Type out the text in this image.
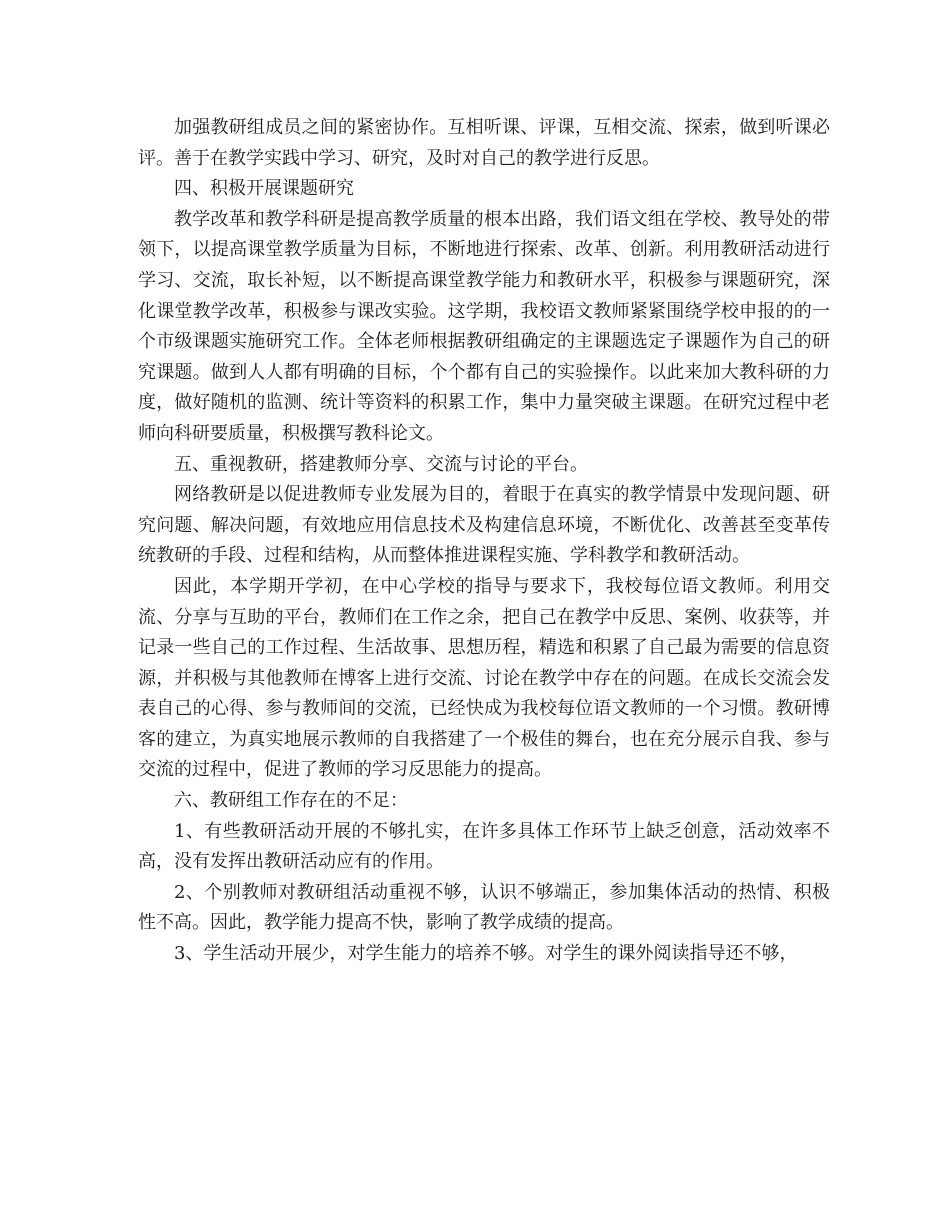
加强教研组成员之间的紧密协作。互相听课、评课，互相交流、探索，做到听课必评。善于在教学实践中学习、研究，及时对自己的教学进行反思。

四、积极开展课题研究

教学改革和教学科研是提高教学质量的根本出路，我们语文组在学校、教导处的带领下，以提高课堂教学质量为目标，不断地进行探索、改革、创新。利用教研活动进行学习、交流，取长补短，以不断提高课堂教学能力和教研水平，积极参与课题研究，深化课堂教学改革，积极参与课改实验。这学期，我校语文教师紧紧围绕学校申报的的一个市级课题实施研究工作。全体老师根据教研组确定的主课题选定子课题作为自己的研究课题。做到人人都有明确的目标，个个都有自己的实验操作。以此来加大教科研的力度，做好随机的监测、统计等资料的积累工作，集中力量突破主课题。在研究过程中老师向科研要质量，积极撰写教科论文。

五、重视教研，搭建教师分享、交流与讨论的平台。

网络教研是以促进教师专业发展为目的，着眼于在真实的教学情景中发现问题、研究问题、解决问题，有效地应用信息技术及构建信息环境，不断优化、改善甚至变革传统教研的手段、过程和结构，从而整体推进课程实施、学科教学和教研活动。

因此，本学期开学初，在中心学校的指导与要求下，我校每位语文教师。利用交流、分享与互助的平台，教师们在工作之余，把自己在教学中反思、案例、收获等，并记录一些自己的工作过程、生活故事、思想历程，精选和积累了自己最为需要的信息资源，并积极与其他教师在博客上进行交流、讨论在教学中存在的问题。在成长交流会发表自己的心得、参与教师间的交流，已经快成为我校每位语文教师的一个习惯。教研博客的建立，为真实地展示教师的自我搭建了一个极佳的舞台，也在充分展示自我、参与交流的过程中，促进了教师的学习反思能力的提高。

六、教研组工作存在的不足：

1、有些教研活动开展的不够扎实，在许多具体工作环节上缺乏创意，活动效率不高，没有发挥出教研活动应有的作用。

2、个别教师对教研组活动重视不够，认识不够端正，参加集体活动的热情、积极性不高。因此，教学能力提高不快，影响了教学成绩的提高。

3、学生活动开展少，对学生能力的培养不够。对学生的课外阅读指导还不够，
